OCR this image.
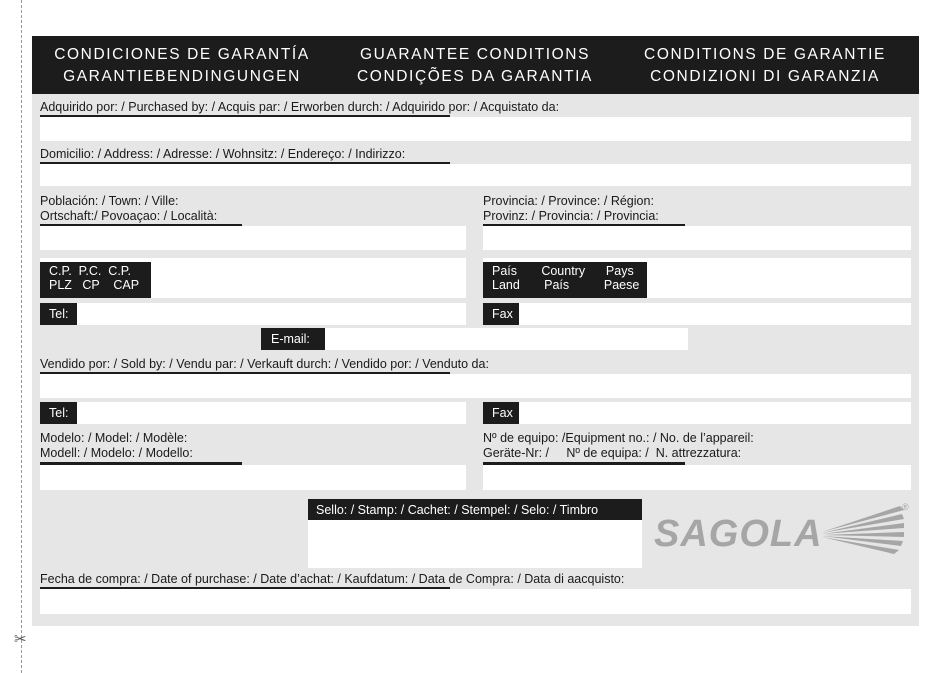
✂
CONDICIONES DE GARANTÍA
GARANTIEBENDINGUNGEN
GUARANTEE CONDITIONS
CONDIÇÕES DA GARANTIA
CONDITIONS DE GARANTIE
CONDIZIONI DI GARANZIA
Adquirido por: / Purchased by: / Acquis par: / Erworben durch: / Adquirido por: / Acquistato da:
Domicilio: / Address: / Adresse: / Wohnsitz: / Endereço: / Indirizzo:
Población: / Town: / Ville:
Ortschaft:/ Povoaçao: / Località:
Provincia: / Province: / Région:
Provinz: / Provincia: / Provincia:
C.P.  P.C.  C.P.
PLZ   CP    CAP
País       Country      Pays
Land       País          Paese
Tel:	Fax
E-mail:
Vendido por: / Sold by: / Vendu par: / Verkauft durch: / Vendido por: / Venduto da:
Tel:	Fax
Modelo: / Model: / Modèle:
Modell: / Modelo: / Modello:
Nº de equipo: /Equipment no.: / No. de l’appareil:
Geräte-Nr: /     Nº de equipa: /  N. attrezzatura:
Sello: / Stamp: / Cachet: / Stempel: / Selo: / Timbro
SAGOLA
®
Fecha de compra: / Date of purchase: / Date d’achat: / Kaufdatum: / Data de Compra: / Data di aacquisto:
